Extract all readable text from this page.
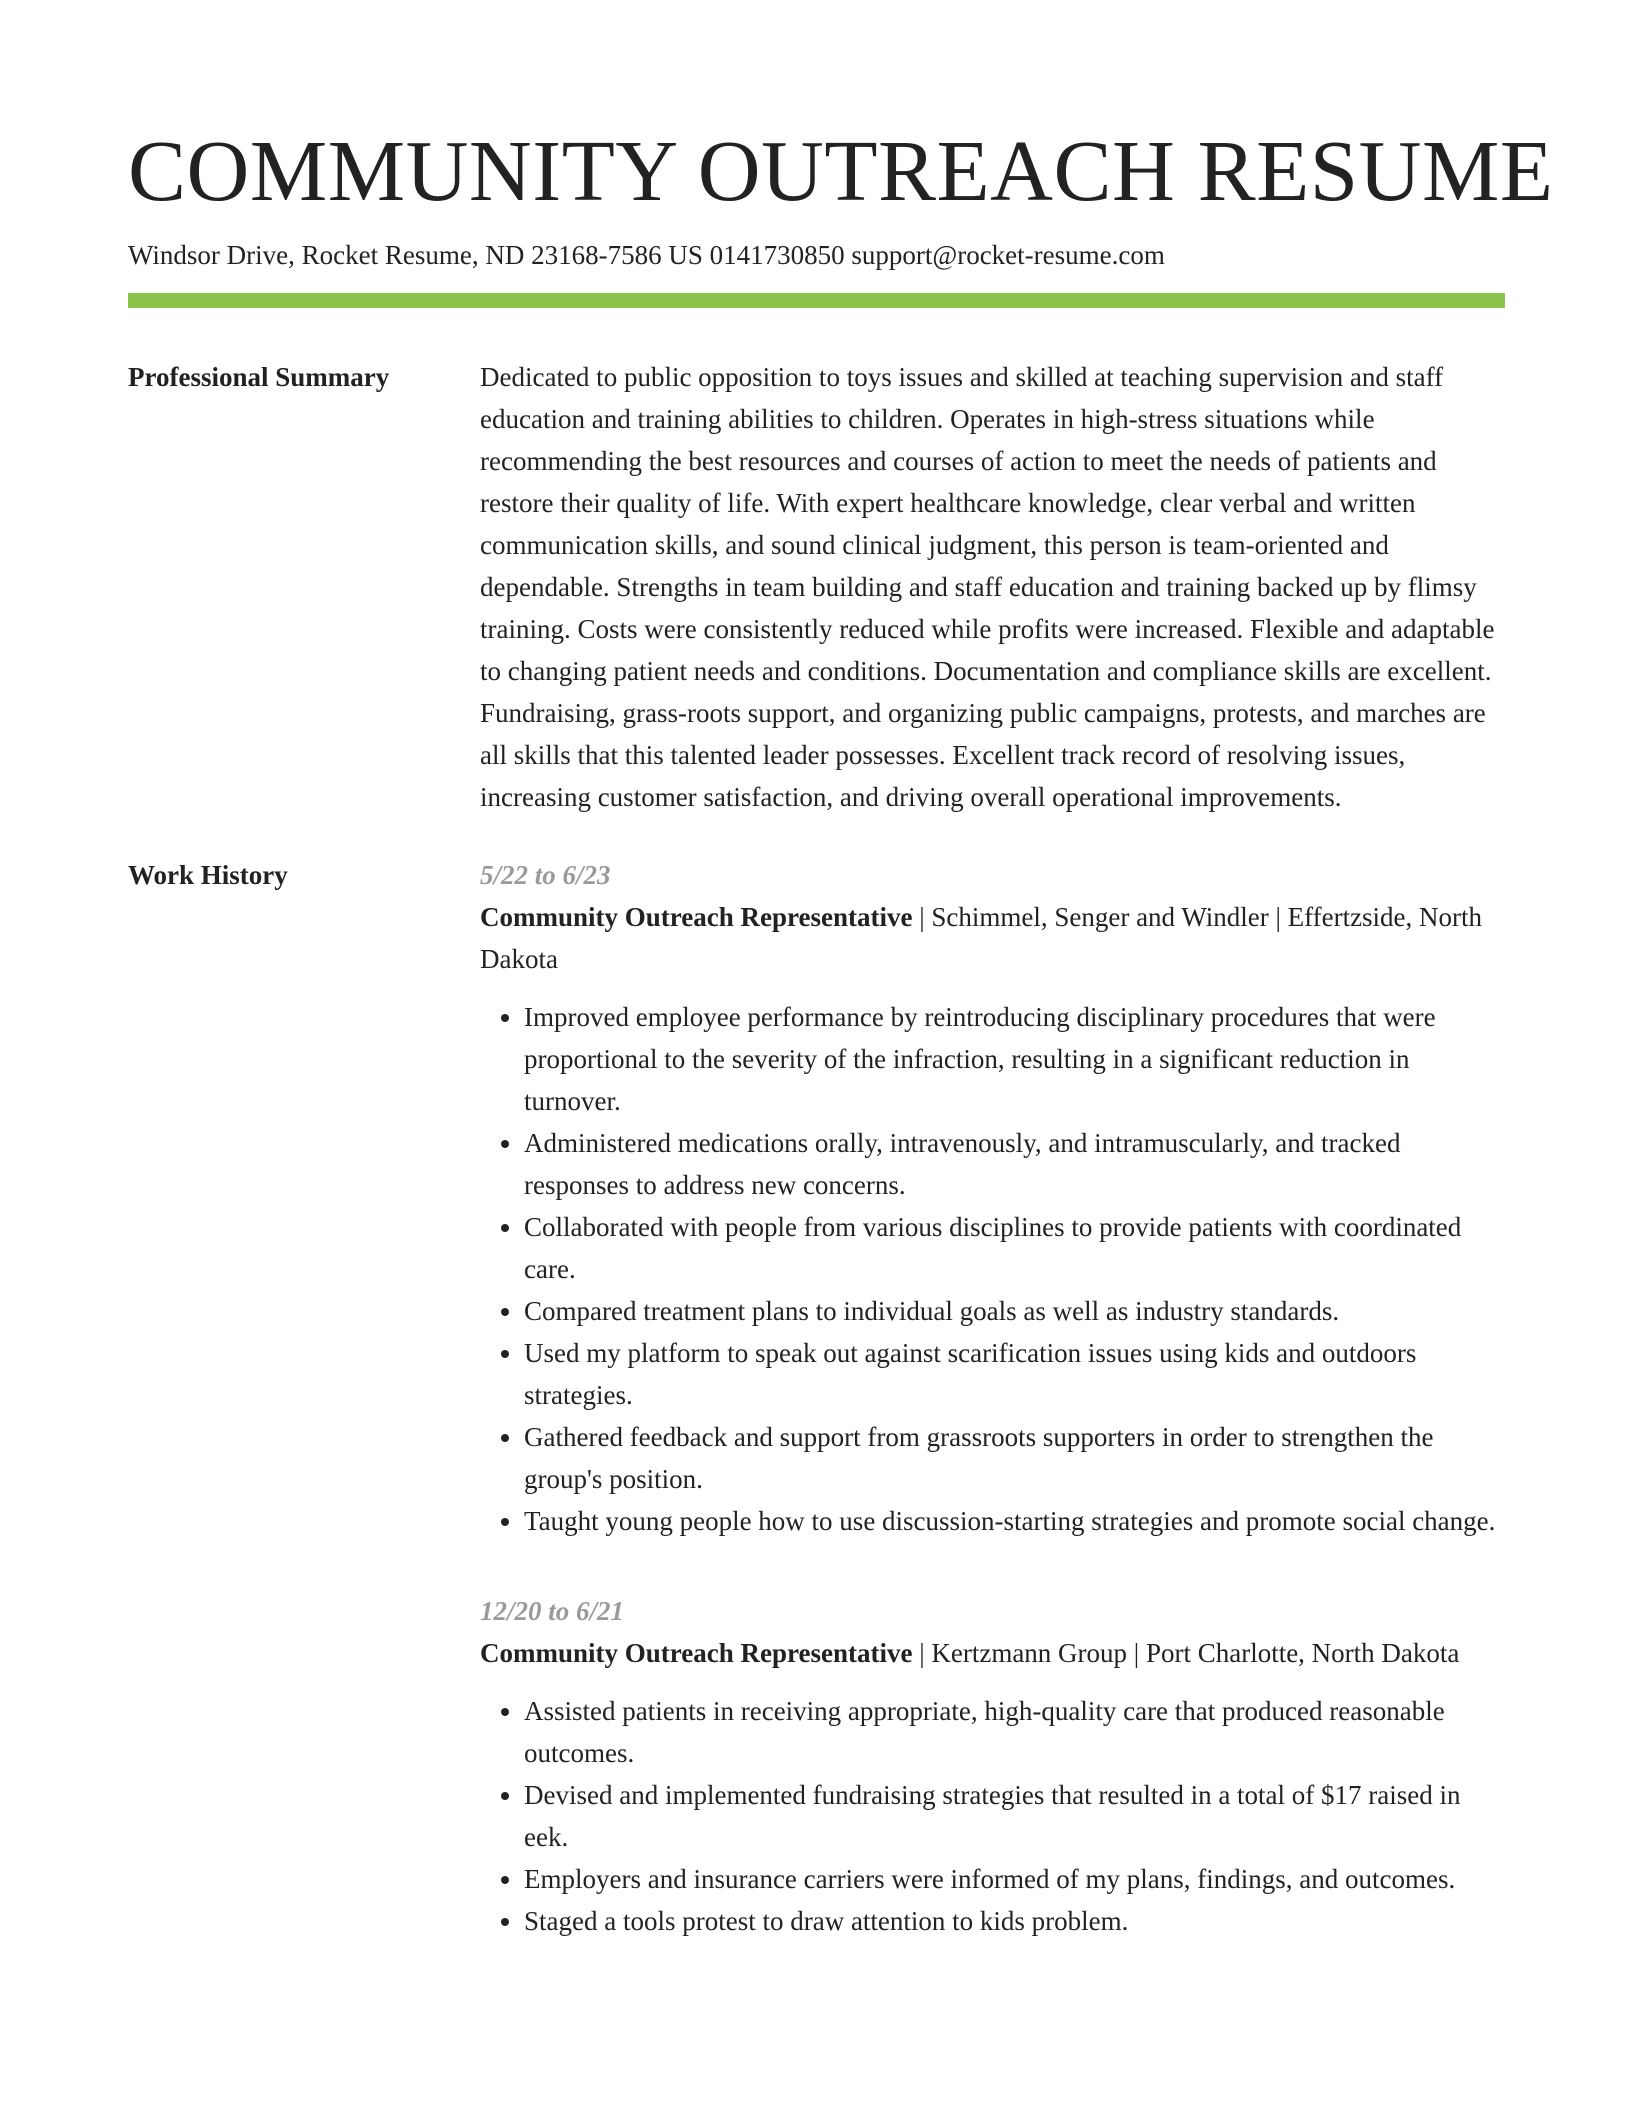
COMMUNITY OUTREACH RESUME
Windsor Drive, Rocket Resume, ND 23168-7586 US 0141730850 support@rocket-resume.com
Professional Summary	Dedicated to public opposition to toys issues and skilled at teaching supervision and staff education and training abilities to children. Operates in high-stress situations while recommending the best resources and courses of action to meet the needs of patients and restore their quality of life. With expert healthcare knowledge, clear verbal and written communication skills, and sound clinical judgment, this person is team-oriented and dependable. Strengths in team building and staff education and training backed up by flimsy training. Costs were consistently reduced while profits were increased. Flexible and adaptable to changing patient needs and conditions. Documentation and compliance skills are excellent. Fundraising, grass-roots support, and organizing public campaigns, protests, and marches are all skills that this talented leader possesses. Excellent track record of resolving issues, increasing customer satisfaction, and driving overall operational improvements.

Work History	5/22 to 6/23
Community Outreach Representative | Schimmel, Senger and Windler | Effertzside, North Dakota
• Improved employee performance by reintroducing disciplinary procedures that were proportional to the severity of the infraction, resulting in a significant reduction in turnover.
• Administered medications orally, intravenously, and intramuscularly, and tracked responses to address new concerns.
• Collaborated with people from various disciplines to provide patients with coordinated care.
• Compared treatment plans to individual goals as well as industry standards.
• Used my platform to speak out against scarification issues using kids and outdoors strategies.
• Gathered feedback and support from grassroots supporters in order to strengthen the group's position.
• Taught young people how to use discussion-starting strategies and promote social change.
12/20 to 6/21
Community Outreach Representative | Kertzmann Group | Port Charlotte, North Dakota
• Assisted patients in receiving appropriate, high-quality care that produced reasonable outcomes.
• Devised and implemented fundraising strategies that resulted in a total of $17 raised in eek.
• Employers and insurance carriers were informed of my plans, findings, and outcomes.
• Staged a tools protest to draw attention to kids problem.
